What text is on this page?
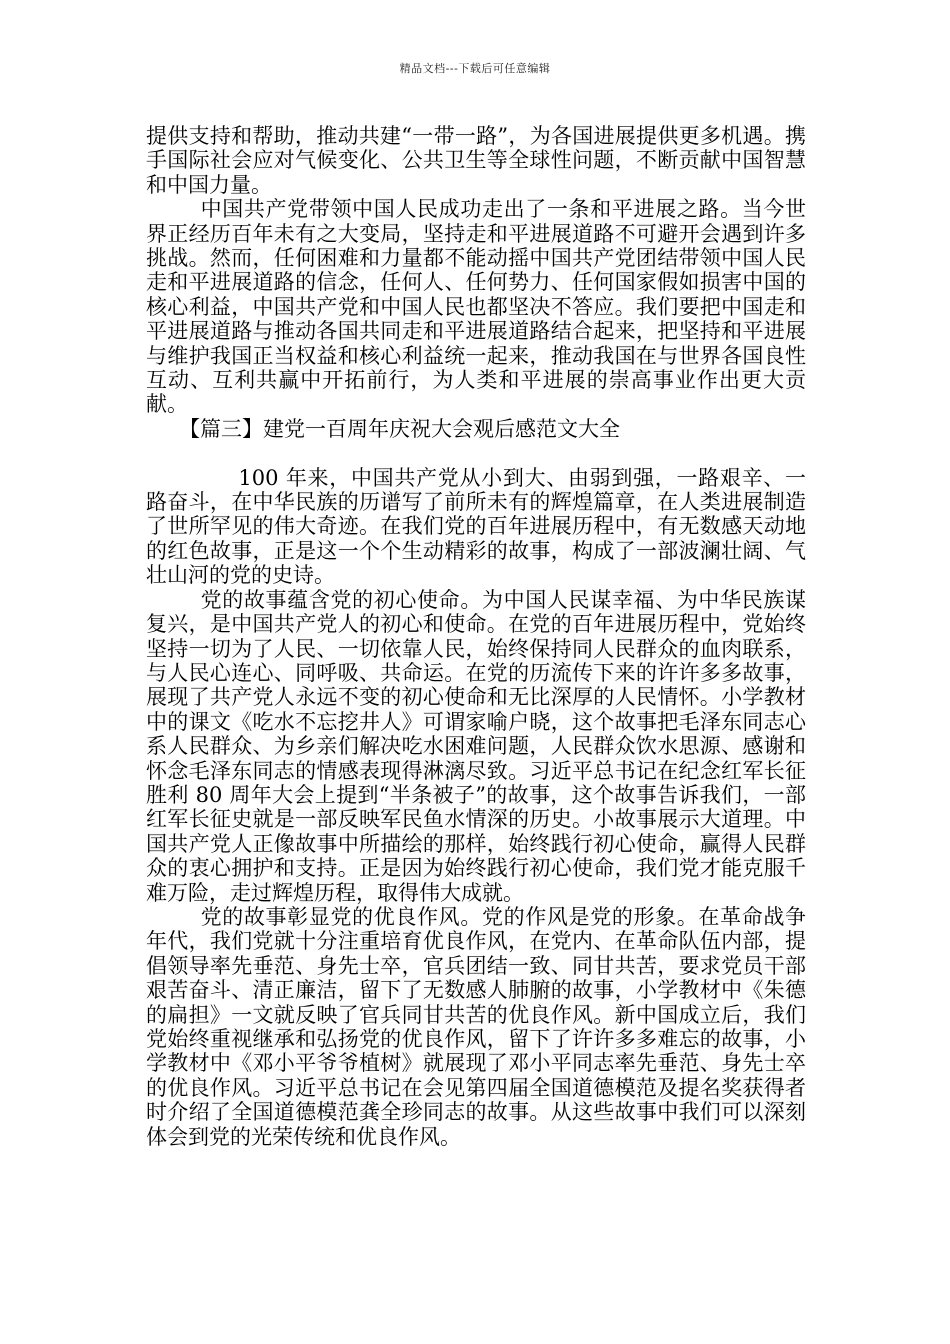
精品文档---下载后可任意编辑

提供支持和帮助，推动共建“一带一路”，为各国进展提供更多机遇。携手国际社会应对气候变化、公共卫生等全球性问题，不断贡献中国智慧和中国力量。

中国共产党带领中国人民成功走出了一条和平进展之路。当今世界正经历百年未有之大变局，坚持走和平进展道路不可避开会遇到许多挑战。然而，任何困难和力量都不能动摇中国共产党团结带领中国人民走和平进展道路的信念，任何人、任何势力、任何国家假如损害中国的核心利益，中国共产党和中国人民也都坚决不答应。我们要把中国走和平进展道路与推动各国共同走和平进展道路结合起来，把坚持和平进展与维护我国正当权益和核心利益统一起来，推动我国在与世界各国良性互动、互利共赢中开拓前行，为人类和平进展的崇高事业作出更大贡献。

【篇三】建党一百周年庆祝大会观后感范文大全

100 年来，中国共产党从小到大、由弱到强，一路艰辛、一路奋斗，在中华民族的历谱写了前所未有的辉煌篇章，在人类进展制造了世所罕见的伟大奇迹。在我们党的百年进展历程中，有无数感天动地的红色故事，正是这一个个生动精彩的故事，构成了一部波澜壮阔、气壮山河的党的史诗。

党的故事蕴含党的初心使命。为中国人民谋幸福、为中华民族谋复兴，是中国共产党人的初心和使命。在党的百年进展历程中，党始终坚持一切为了人民、一切依靠人民，始终保持同人民群众的血肉联系，与人民心连心、同呼吸、共命运。在党的历流传下来的许许多多故事，展现了共产党人永远不变的初心使命和无比深厚的人民情怀。小学教材中的课文《吃水不忘挖井人》可谓家喻户晓，这个故事把毛泽东同志心系人民群众、为乡亲们解决吃水困难问题，人民群众饮水思源、感谢和怀念毛泽东同志的情感表现得淋漓尽致。习近平总书记在纪念红军长征胜利 80 周年大会上提到“半条被子”的故事，这个故事告诉我们，一部红军长征史就是一部反映军民鱼水情深的历史。小故事展示大道理。中国共产党人正像故事中所描绘的那样，始终践行初心使命，赢得人民群众的衷心拥护和支持。正是因为始终践行初心使命，我们党才能克服千难万险，走过辉煌历程，取得伟大成就。

党的故事彰显党的优良作风。党的作风是党的形象。在革命战争年代，我们党就十分注重培育优良作风，在党内、在革命队伍内部，提倡领导率先垂范、身先士卒，官兵团结一致、同甘共苦，要求党员干部艰苦奋斗、清正廉洁，留下了无数感人肺腑的故事，小学教材中《朱德的扁担》一文就反映了官兵同甘共苦的优良作风。新中国成立后，我们党始终重视继承和弘扬党的优良作风，留下了许许多多难忘的故事，小学教材中《邓小平爷爷植树》就展现了邓小平同志率先垂范、身先士卒的优良作风。习近平总书记在会见第四届全国道德模范及提名奖获得者时介绍了全国道德模范龚全珍同志的故事。从这些故事中我们可以深刻体会到党的光荣传统和优良作风。
